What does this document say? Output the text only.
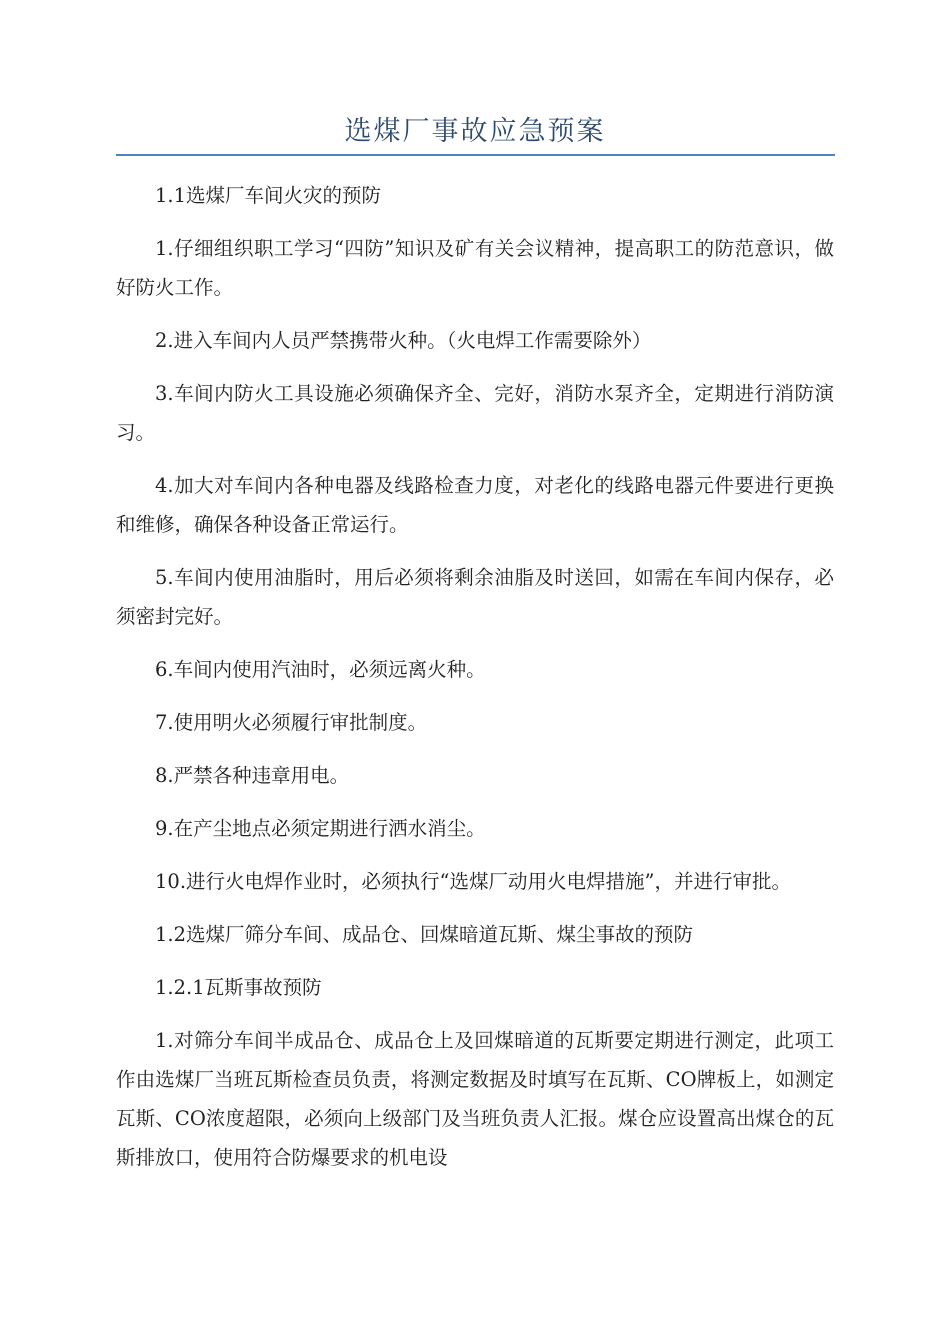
选煤厂事故应急预案

1.1选煤厂车间火灾的预防

1.仔细组织职工学习“四防”知识及矿有关会议精神，提高职工的防范意识，做好防火工作。

2.进入车间内人员严禁携带火种。（火电焊工作需要除外）

3.车间内防火工具设施必须确保齐全、完好，消防水泵齐全，定期进行消防演习。

4.加大对车间内各种电器及线路检查力度，对老化的线路电器元件要进行更换和维修，确保各种设备正常运行。

5.车间内使用油脂时，用后必须将剩余油脂及时送回，如需在车间内保存，必须密封完好。

6.车间内使用汽油时，必须远离火种。

7.使用明火必须履行审批制度。

8.严禁各种违章用电。

9.在产尘地点必须定期进行洒水消尘。

10.进行火电焊作业时，必须执行“选煤厂动用火电焊措施”，并进行审批。

1.2选煤厂筛分车间、成品仓、回煤暗道瓦斯、煤尘事故的预防

1.2.1瓦斯事故预防

1.对筛分车间半成品仓、成品仓上及回煤暗道的瓦斯要定期进行测定，此项工作由选煤厂当班瓦斯检查员负责，将测定数据及时填写在瓦斯、CO牌板上，如测定瓦斯、CO浓度超限，必须向上级部门及当班负责人汇报。煤仓应设置高出煤仓的瓦斯排放口，使用符合防爆要求的机电设
